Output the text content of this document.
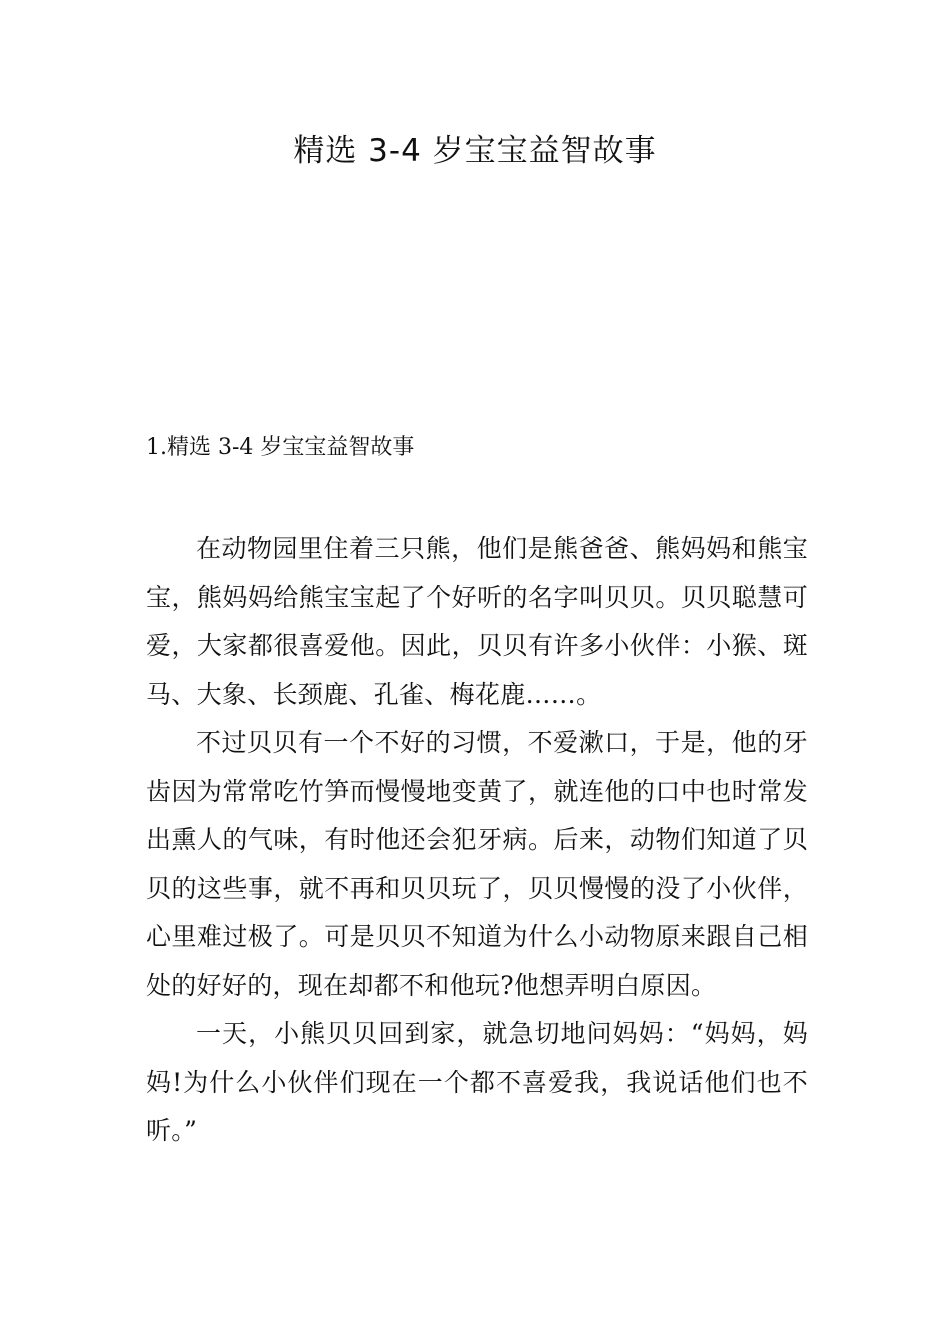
精选 3-4 岁宝宝益智故事
1.精选 3-4 岁宝宝益智故事

在动物园里住着三只熊，他们是熊爸爸、熊妈妈和熊宝宝，熊妈妈给熊宝宝起了个好听的名字叫贝贝。贝贝聪慧可爱，大家都很喜爱他。因此，贝贝有许多小伙伴：小猴、斑马、大象、长颈鹿、孔雀、梅花鹿……。

不过贝贝有一个不好的习惯，不爱漱口，于是，他的牙齿因为常常吃竹笋而慢慢地变黄了，就连他的口中也时常发出熏人的气味，有时他还会犯牙病。后来，动物们知道了贝贝的这些事，就不再和贝贝玩了，贝贝慢慢的没了小伙伴，心里难过极了。可是贝贝不知道为什么小动物原来跟自己相处的好好的，现在却都不和他玩?他想弄明白原因。

一天，小熊贝贝回到家，就急切地问妈妈：“妈妈，妈妈!为什么小伙伴们现在一个都不喜爱我，我说话他们也不听。”
